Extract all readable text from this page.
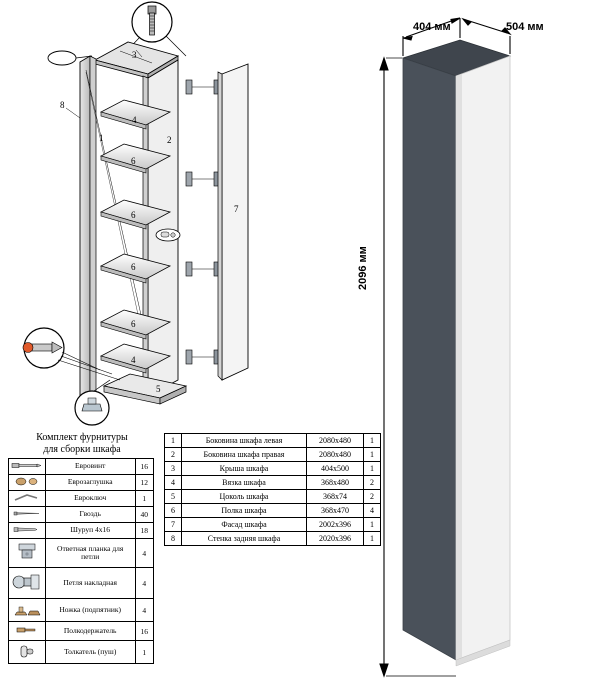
3
8
1
4
2
6
6
6
6
4
5
7
Комплект фурнитуры
для сборки шкафа
	Евровинт	16
	Еврозаглушка	12
	Евроключ	1
	Гвоздь	40
	Шуруп 4х16	18
	Ответная планка для петли	4
	Петля накладная	4
	Ножка (подпятник)	4
	Полкодержатель	16
	Толкатель (пуш)	1
1	Боковина шкафа левая	2080х480	1
2	Боковина шкафа правая	2080х480	1
3	Крыша шкафа	404х500	1
4	Вязка шкафа	368х480	2
5	Цоколь шкафа	368х74	2
6	Полка шкафа	368х470	4
7	Фасад шкафа	2002х396	1
8	Стенка задняя шкафа	2020х396	1
404 мм	504 мм
2096 мм
